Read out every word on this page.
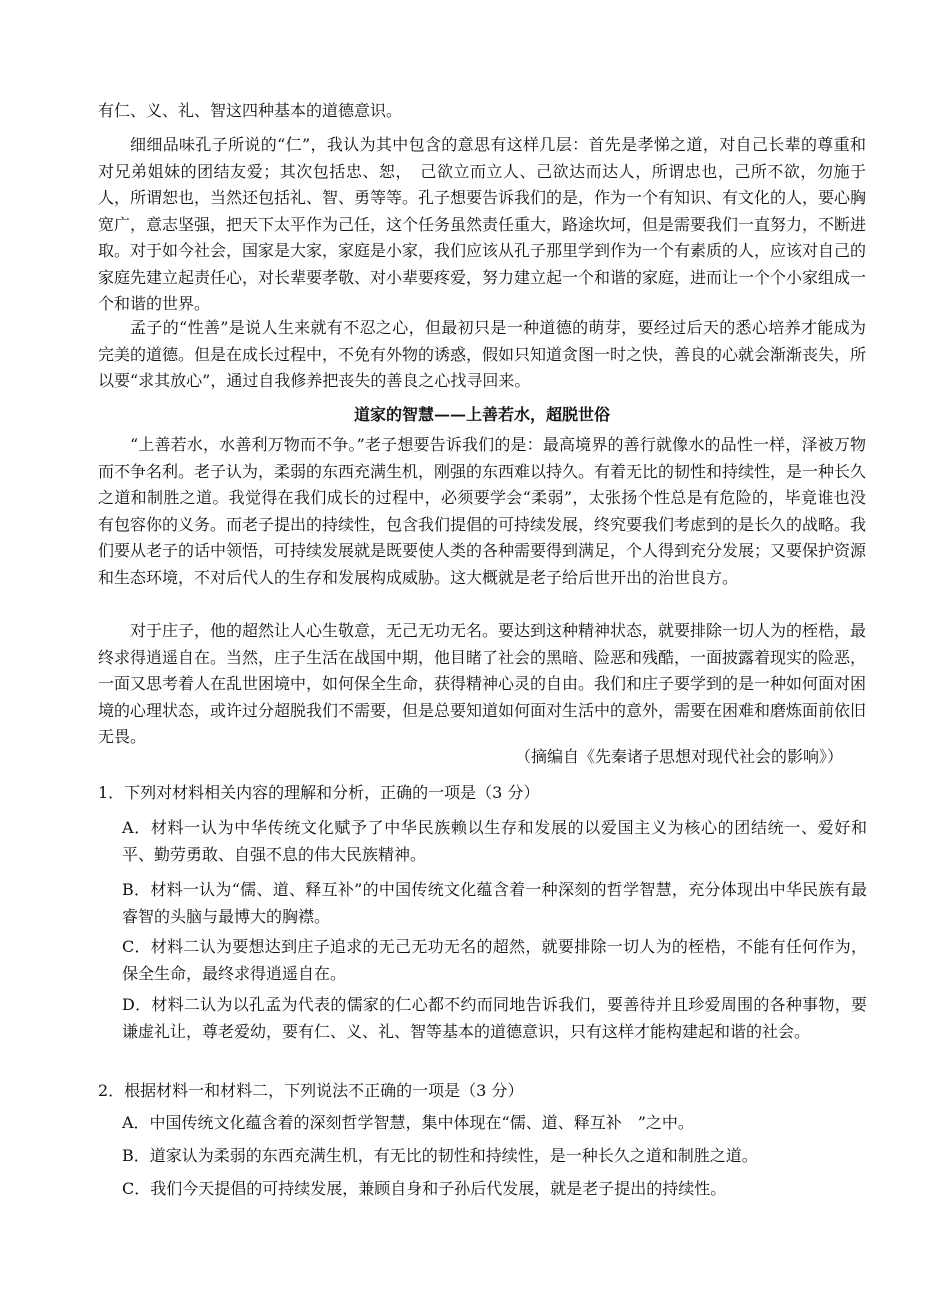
有仁、义、礼、智这四种基本的道德意识。

细细品味孔子所说的“仁”，我认为其中包含的意思有这样几层：首先是孝悌之道，对自己长辈的尊重和对兄弟姐妹的团结友爱；其次包括忠、恕，　己欲立而立人、己欲达而达人，所谓忠也，己所不欲，勿施于人，所谓恕也，当然还包括礼、智、勇等等。孔子想要告诉我们的是，作为一个有知识、有文化的人，要心胸宽广，意志坚强，把天下太平作为己任，这个任务虽然责任重大，路途坎坷，但是需要我们一直努力，不断进取。对于如今社会，国家是大家，家庭是小家，我们应该从孔子那里学到作为一个有素质的人，应该对自己的家庭先建立起责任心，对长辈要孝敬、对小辈要疼爱，努力建立起一个和谐的家庭，进而让一个个小家组成一个和谐的世界。

孟子的“性善”是说人生来就有不忍之心，但最初只是一种道德的萌芽，要经过后天的悉心培养才能成为完美的道德。但是在成长过程中，不免有外物的诱惑，假如只知道贪图一时之快，善良的心就会渐渐丧失，所以要“求其放心”，通过自我修养把丧失的善良之心找寻回来。

道家的智慧——上善若水，超脱世俗

“上善若水，水善利万物而不争。”老子想要告诉我们的是：最高境界的善行就像水的品性一样，泽被万物而不争名利。老子认为，柔弱的东西充满生机，刚强的东西难以持久。有着无比的韧性和持续性，是一种长久之道和制胜之道。我觉得在我们成长的过程中，必须要学会“柔弱”，太张扬个性总是有危险的，毕竟谁也没有包容你的义务。而老子提出的持续性，包含我们提倡的可持续发展，终究要我们考虑到的是长久的战略。我们要从老子的话中领悟，可持续发展就是既要使人类的各种需要得到满足，个人得到充分发展；又要保护资源和生态环境，不对后代人的生存和发展构成威胁。这大概就是老子给后世开出的治世良方。

对于庄子，他的超然让人心生敬意，无己无功无名。要达到这种精神状态，就要排除一切人为的桎梏，最终求得逍遥自在。当然，庄子生活在战国中期，他目睹了社会的黑暗、险恶和残酷，一面披露着现实的险恶，一面又思考着人在乱世困境中，如何保全生命，获得精神心灵的自由。我们和庄子要学到的是一种如何面对困境的心理状态，或许过分超脱我们不需要，但是总要知道如何面对生活中的意外，需要在困难和磨炼面前依旧无畏。

（摘编自《先秦诸子思想对现代社会的影响》）
1．下列对材料相关内容的理解和分析，正确的一项是（3 分）
A．材料一认为中华传统文化赋予了中华民族赖以生存和发展的以爱国主义为核心的团结统一、爱好和平、勤劳勇敢、自强不息的伟大民族精神。
B．材料一认为“儒、道、释互补”的中国传统文化蕴含着一种深刻的哲学智慧，充分体现出中华民族有最睿智的头脑与最博大的胸襟。
C．材料二认为要想达到庄子追求的无己无功无名的超然，就要排除一切人为的桎梏，不能有任何作为，保全生命，最终求得逍遥自在。
D．材料二认为以孔孟为代表的儒家的仁心都不约而同地告诉我们，要善待并且珍爱周围的各种事物，要谦虚礼让，尊老爱幼，要有仁、义、礼、智等基本的道德意识，只有这样才能构建起和谐的社会。
2．根据材料一和材料二，下列说法不正确的一项是（3 分）
A．中国传统文化蕴含着的深刻哲学智慧，集中体现在“儒、道、释互补　”之中。
B．道家认为柔弱的东西充满生机，有无比的韧性和持续性，是一种长久之道和制胜之道。
C．我们今天提倡的可持续发展，兼顾自身和子孙后代发展，就是老子提出的持续性。
